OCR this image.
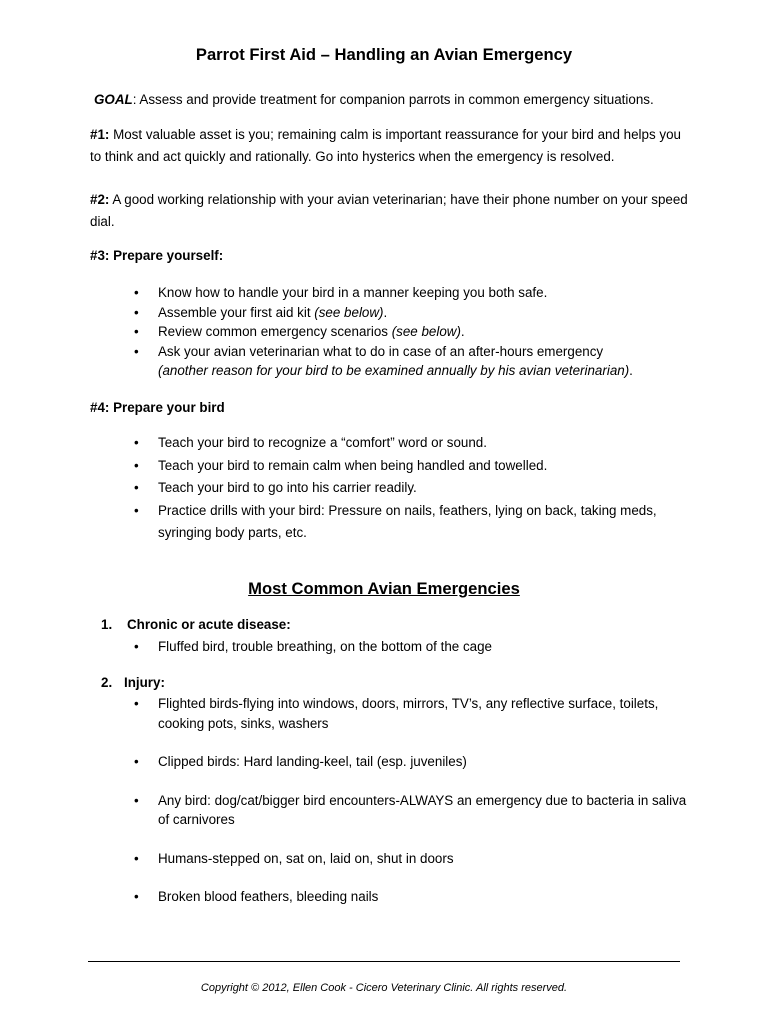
Parrot First Aid – Handling an Avian Emergency
GOAL: Assess and provide treatment for companion parrots in common emergency situations.
#1: Most valuable asset is you; remaining calm is important reassurance for your bird and helps you to think and act quickly and rationally. Go into hysterics when the emergency is resolved.
#2: A good working relationship with your avian veterinarian; have their phone number on your speed dial.
#3: Prepare yourself:
• Know how to handle your bird in a manner keeping you both safe.
• Assemble your first aid kit (see below).
• Review common emergency scenarios (see below).
• Ask your avian veterinarian what to do in case of an after-hours emergency
(another reason for your bird to be examined annually by his avian veterinarian).
#4: Prepare your bird
• Teach your bird to recognize a “comfort” word or sound.
• Teach your bird to remain calm when being handled and towelled.
• Teach your bird to go into his carrier readily.
• Practice drills with your bird: Pressure on nails, feathers, lying on back, taking meds, syringing body parts, etc.
Most Common Avian Emergencies
1. Chronic or acute disease:
• Fluffed bird, trouble breathing, on the bottom of the cage
2. Injury:
• Flighted birds-flying into windows, doors, mirrors, TV’s, any reflective surface, toilets, cooking pots, sinks, washers
• Clipped birds: Hard landing-keel, tail (esp. juveniles)
• Any bird: dog/cat/bigger bird encounters-ALWAYS an emergency due to bacteria in saliva of carnivores
• Humans-stepped on, sat on, laid on, shut in doors
• Broken blood feathers, bleeding nails
Copyright © 2012, Ellen Cook - Cicero Veterinary Clinic. All rights reserved.
